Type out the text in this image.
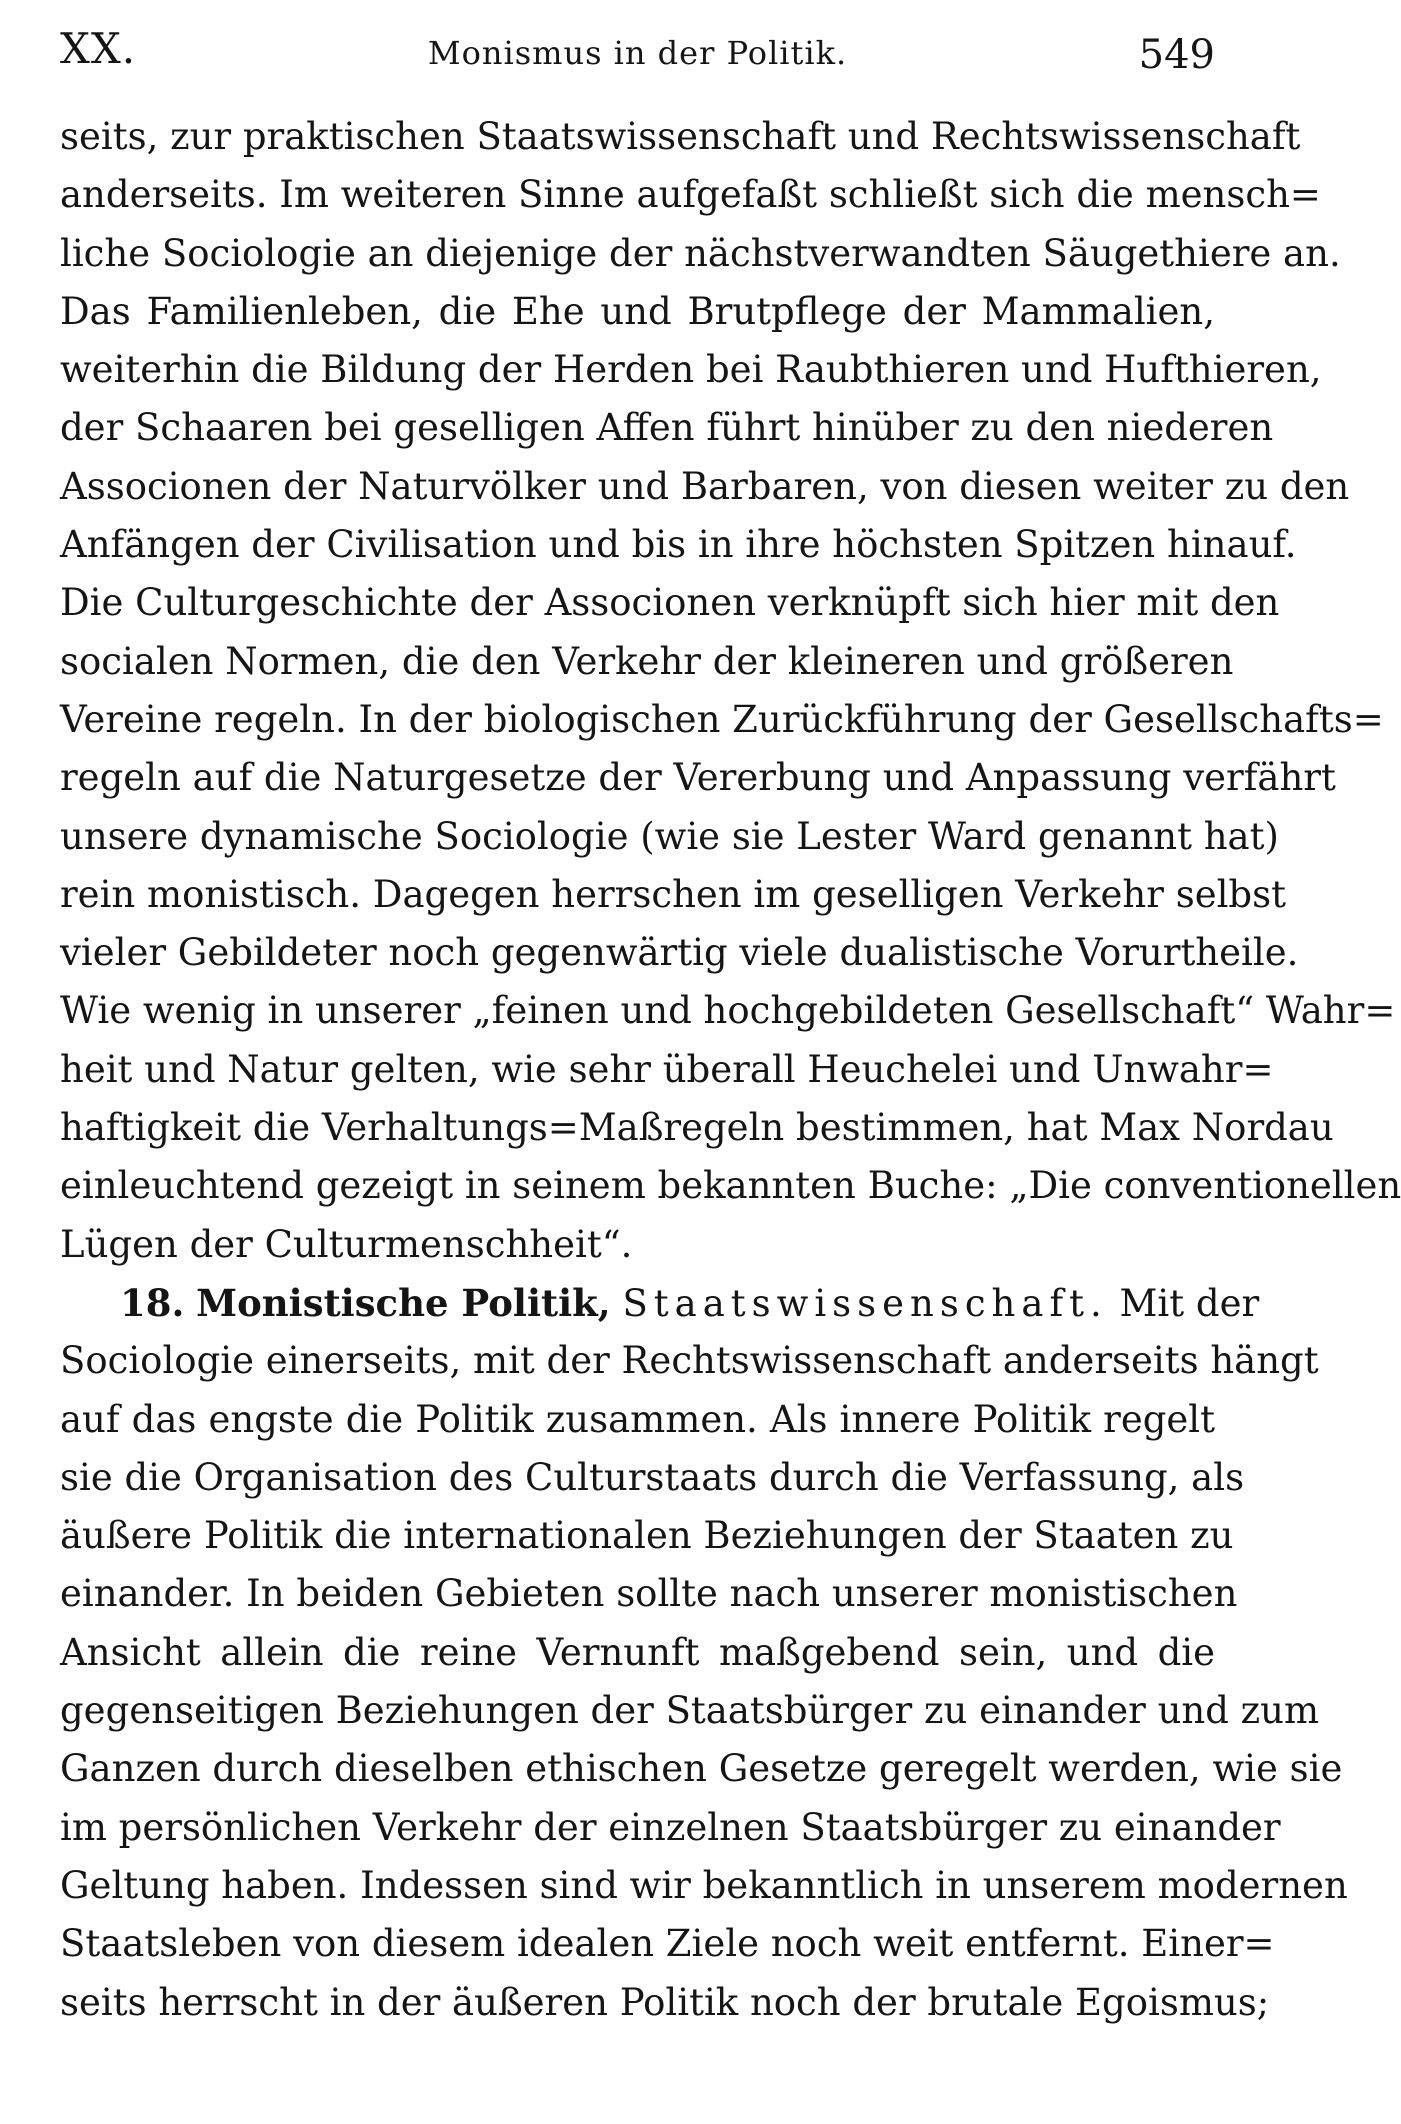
XX.	Monismus in der Politik.	549
seits, zur praktischen Staatswissenschaft und Rechtswissenschaft
anderseits. Im weiteren Sinne aufgefaßt schließt sich die mensch=
liche Sociologie an diejenige der nächstverwandten Säugethiere an.
Das Familienleben, die Ehe und Brutpflege der Mammalien,
weiterhin die Bildung der Herden bei Raubthieren und Hufthieren,
der Schaaren bei geselligen Affen führt hinüber zu den niederen
Associonen der Naturvölker und Barbaren, von diesen weiter zu den
Anfängen der Civilisation und bis in ihre höchsten Spitzen hinauf.
Die Culturgeschichte der Associonen verknüpft sich hier mit den
socialen Normen, die den Verkehr der kleineren und größeren
Vereine regeln. In der biologischen Zurückführung der Gesellschafts=
regeln auf die Naturgesetze der Vererbung und Anpassung verfährt
unsere dynamische Sociologie (wie sie Lester Ward genannt hat)
rein monistisch. Dagegen herrschen im geselligen Verkehr selbst
vieler Gebildeter noch gegenwärtig viele dualistische Vorurtheile.
Wie wenig in unserer „feinen und hochgebildeten Gesellschaft“ Wahr=
heit und Natur gelten, wie sehr überall Heuchelei und Unwahr=
haftigkeit die Verhaltungs=Maßregeln bestimmen, hat Max Nordau
einleuchtend gezeigt in seinem bekannten Buche: „Die conventionellen
Lügen der Culturmenschheit“.
18. Monistische Politik, Staatswissenschaft. Mit der
Sociologie einerseits, mit der Rechtswissenschaft anderseits hängt
auf das engste die Politik zusammen. Als innere Politik regelt
sie die Organisation des Culturstaats durch die Verfassung, als
äußere Politik die internationalen Beziehungen der Staaten zu
einander. In beiden Gebieten sollte nach unserer monistischen
Ansicht allein die reine Vernunft maßgebend sein, und die
gegenseitigen Beziehungen der Staatsbürger zu einander und zum
Ganzen durch dieselben ethischen Gesetze geregelt werden, wie sie
im persönlichen Verkehr der einzelnen Staatsbürger zu einander
Geltung haben. Indessen sind wir bekanntlich in unserem modernen
Staatsleben von diesem idealen Ziele noch weit entfernt. Einer=
seits herrscht in der äußeren Politik noch der brutale Egoismus;
